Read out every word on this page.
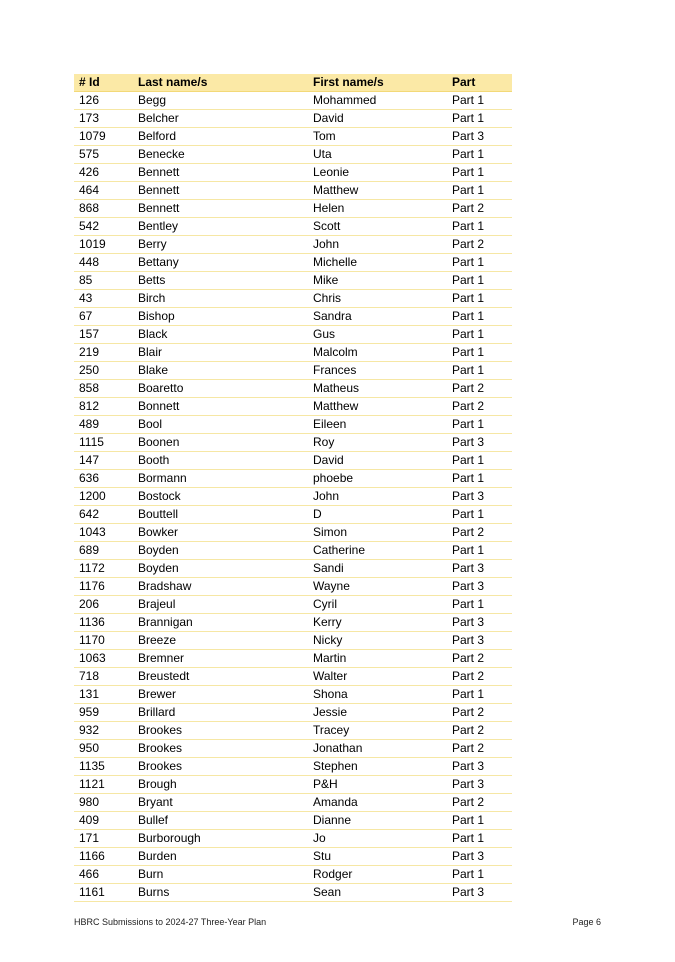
# Id	Last name/s	First name/s	Part
126	Begg	Mohammed	Part 1
173	Belcher	David	Part 1
1079	Belford	Tom	Part 3
575	Benecke	Uta	Part 1
426	Bennett	Leonie	Part 1
464	Bennett	Matthew	Part 1
868	Bennett	Helen	Part 2
542	Bentley	Scott	Part 1
1019	Berry	John	Part 2
448	Bettany	Michelle	Part 1
85	Betts	Mike	Part 1
43	Birch	Chris	Part 1
67	Bishop	Sandra	Part 1
157	Black	Gus	Part 1
219	Blair	Malcolm	Part 1
250	Blake	Frances	Part 1
858	Boaretto	Matheus	Part 2
812	Bonnett	Matthew	Part 2
489	Bool	Eileen	Part 1
1115	Boonen	Roy	Part 3
147	Booth	David	Part 1
636	Bormann	phoebe	Part 1
1200	Bostock	John	Part 3
642	Bouttell	D	Part 1
1043	Bowker	Simon	Part 2
689	Boyden	Catherine	Part 1
1172	Boyden	Sandi	Part 3
1176	Bradshaw	Wayne	Part 3
206	Brajeul	Cyril	Part 1
1136	Brannigan	Kerry	Part 3
1170	Breeze	Nicky	Part 3
1063	Bremner	Martin	Part 2
718	Breustedt	Walter	Part 2
131	Brewer	Shona	Part 1
959	Brillard	Jessie	Part 2
932	Brookes	Tracey	Part 2
950	Brookes	Jonathan	Part 2
1135	Brookes	Stephen	Part 3
1121	Brough	P&H	Part 3
980	Bryant	Amanda	Part 2
409	Bullef	Dianne	Part 1
171	Burborough	Jo	Part 1
1166	Burden	Stu	Part 3
466	Burn	Rodger	Part 1
1161	Burns	Sean	Part 3
HBRC Submissions to 2024-27 Three-Year Plan	Page 6
